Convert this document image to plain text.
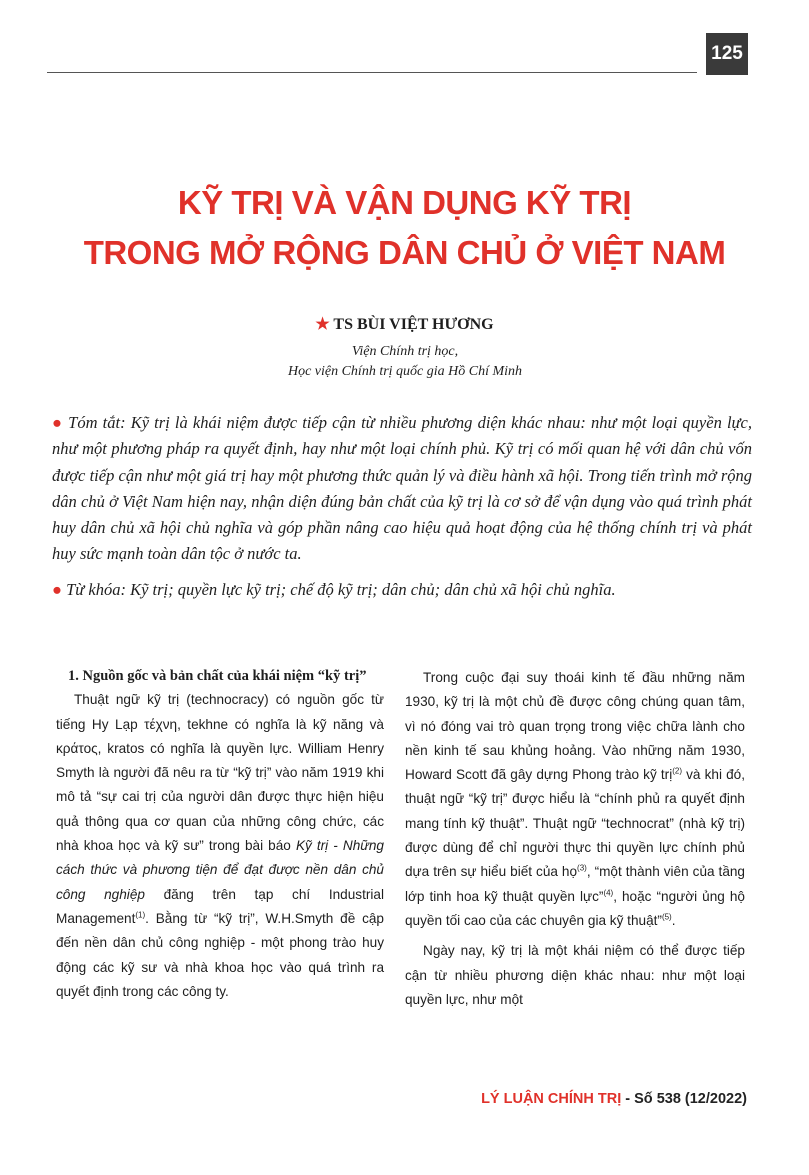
125
KỸ TRỊ VÀ VẬN DỤNG KỸ TRỊ
TRONG MỞ RỘNG DÂN CHỦ Ở VIỆT NAM
★ TS BÙI VIỆT HƯƠNG
Viện Chính trị học,
Học viện Chính trị quốc gia Hồ Chí Minh

● Tóm tắt: Kỹ trị là khái niệm được tiếp cận từ nhiều phương diện khác nhau: như một loại quyền lực, như một phương pháp ra quyết định, hay như một loại chính phủ. Kỹ trị có mối quan hệ với dân chủ vốn được tiếp cận như một giá trị hay một phương thức quản lý và điều hành xã hội. Trong tiến trình mở rộng dân chủ ở Việt Nam hiện nay, nhận diện đúng bản chất của kỹ trị là cơ sở để vận dụng vào quá trình phát huy dân chủ xã hội chủ nghĩa và góp phần nâng cao hiệu quả hoạt động của hệ thống chính trị và phát huy sức mạnh toàn dân tộc ở nước ta.

● Từ khóa: Kỹ trị; quyền lực kỹ trị; chế độ kỹ trị; dân chủ; dân chủ xã hội chủ nghĩa.

1. Nguồn gốc và bản chất của khái niệm “kỹ trị”

Thuật ngữ kỹ trị (technocracy) có nguồn gốc từ tiếng Hy Lạp τέχνη, tekhne có nghĩa là kỹ năng và κράτος, kratos có nghĩa là quyền lực. William Henry Smyth là người đã nêu ra từ “kỹ trị” vào năm 1919 khi mô tả “sự cai trị của người dân được thực hiện hiệu quả thông qua cơ quan của những công chức, các nhà khoa học và kỹ sư” trong bài báo Kỹ trị - Những cách thức và phương tiện để đạt được nền dân chủ công nghiệp đăng trên tạp chí Industrial Management$^{(1)}$. Bằng từ “kỹ trị”, W.H.Smyth đề cập đến nền dân chủ công nghiệp - một phong trào huy động các kỹ sư và nhà khoa học vào quá trình ra quyết định trong các công ty.

Trong cuộc đại suy thoái kinh tế đầu những năm 1930, kỹ trị là một chủ đề được công chúng quan tâm, vì nó đóng vai trò quan trọng trong việc chữa lành cho nền kinh tế sau khủng hoảng. Vào những năm 1930, Howard Scott đã gây dựng Phong trào kỹ trị$^{(2)}$ và khi đó, thuật ngữ “kỹ trị” được hiểu là “chính phủ ra quyết định mang tính kỹ thuật”. Thuật ngữ “technocrat” (nhà kỹ trị) được dùng để chỉ người thực thi quyền lực chính phủ dựa trên sự hiểu biết của họ$^{(3)}$, “một thành viên của tầng lớp tinh hoa kỹ thuật quyền lực”$^{(4)}$, hoặc “người ủng hộ quyền tối cao của các chuyên gia kỹ thuật”$^{(5)}$.

Ngày nay, kỹ trị là một khái niệm có thể được tiếp cận từ nhiều phương diện khác nhau: như một loại quyền lực, như một

LÝ LUẬN CHÍNH TRỊ - Số 538 (12/2022)
